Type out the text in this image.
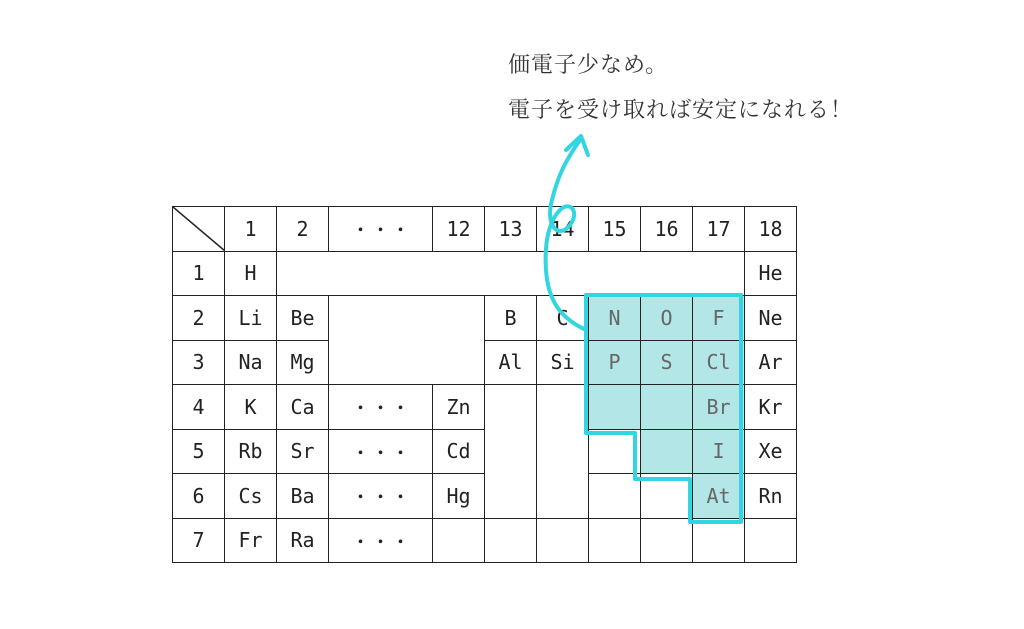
価電子少なめ。
電子を受け取れば安定になれる！
	1	2	・・・	12	13	14	15	16	17	18
1	H									He
2	Li	Be			B	C	N	O	F	Ne
3	Na	Mg			Al	Si	P	S	Cl	Ar
4	K	Ca	・・・	Zn					Br	Kr
5	Rb	Sr	・・・	Cd					I	Xe
6	Cs	Ba	・・・	Hg					At	Rn
7	Fr	Ra	・・・							
